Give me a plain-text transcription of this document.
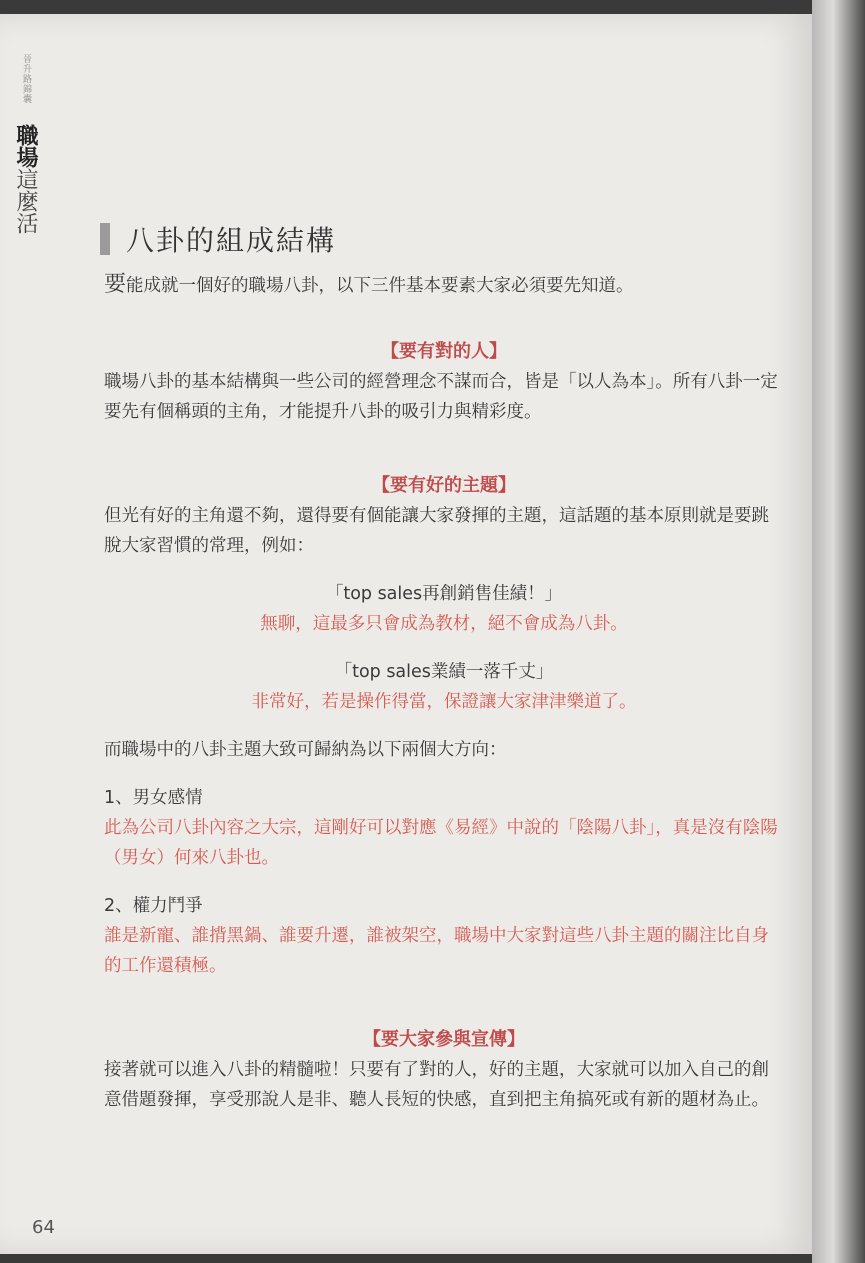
晉升路錦囊
職場這麼活
八卦的組成結構

要能成就一個好的職場八卦，以下三件基本要素大家必須要先知道。

【要有對的人】

職場八卦的基本結構與一些公司的經營理念不謀而合，皆是「以人為本」。所有八卦一定要先有個稱頭的主角，才能提升八卦的吸引力與精彩度。

【要有好的主題】

但光有好的主角還不夠，還得要有個能讓大家發揮的主題，這話題的基本原則就是要跳脫大家習慣的常理，例如：

「top sales再創銷售佳績！」

無聊，這最多只會成為教材，絕不會成為八卦。

「top sales業績一落千丈」

非常好，若是操作得當，保證讓大家津津樂道了。

而職場中的八卦主題大致可歸納為以下兩個大方向：

1、男女感情

此為公司八卦內容之大宗，這剛好可以對應《易經》中說的「陰陽八卦」，真是沒有陰陽（男女）何來八卦也。

2、權力鬥爭

誰是新寵、誰揹黑鍋、誰要升遷，誰被架空，職場中大家對這些八卦主題的關注比自身的工作還積極。

【要大家參與宣傳】

接著就可以進入八卦的精髓啦！只要有了對的人，好的主題，大家就可以加入自己的創意借題發揮，享受那說人是非、聽人長短的快感，直到把主角搞死或有新的題材為止。

64
